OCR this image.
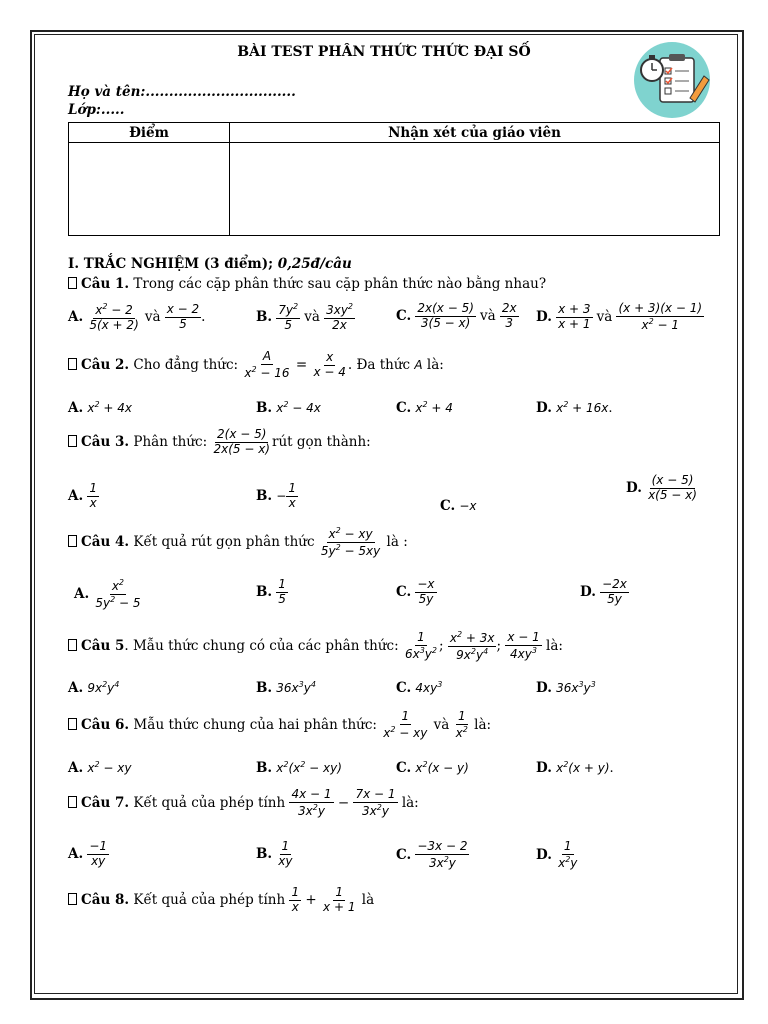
BÀI TEST PHÂN THỨC THỨC ĐẠI SỐ
Họ và tên:................................
Lớp:.....
Điểm	Nhận xét của giáo viên

I. TRẮC NGHIỆM (3 điểm); 0,25đ/câu
Câu 1. Trong các cặp phân thức sau cặp phân thức nào bằng nhau?
A. $\frac{x^2 - 2}{5(x + 2)}$ và $\frac{x - 2}{5}$ .	B. $\frac{7y^2}{5}$ và $\frac{3xy^2}{2x}$	C. $\frac{2x(x - 5)}{3(5 - x)}$ và $\frac{2x}{3} D$. $\frac{x + 3}{x + 1}$ và $\frac{(x + 3)(x - 1)}{x^2 - 1}$
Câu 2. Cho đẳng thức: $\frac{A}{x^2 - 16} = \frac{x}{x - 4}$ . Đa thức A là:
A. $x^2 + 4x$	B. $x^2 - 4x$	C. $x^2 + 4$	D. $x^2 + 16x$.
Câu 3. Phân thức: $\frac{2(x - 5)}{2x(5 - x)}$ rút gọn thành:
A. $\frac{1}{x}$	B. − $\frac{1}{x}$	C. −x
D. $\frac{(x - 5)}{x(5 - x)}$
Câu 4. Kết quả rút gọn phân thức $\frac{x^2 - xy}{5y^2 - 5xy}$ là :
A. $\frac{x^2}{5y^2 - 5}$	B. $\frac{1}{5}$	C. $\frac{-x}{5y}$	D. $\frac{-2x}{5y}$
Câu 5. Mẫu thức chung có của các phân thức: $\frac{1}{6x^3y^2}$ ; $\frac{x^2 + 3x}{9x^2y^4}$ ; $\frac{x - 1}{4xy^3}$ là:
A. $9x^2y^4$	B. $36x^3y^4$	C. $4xy^3$	D. $36x^3y^3$
Câu 6. Mẫu thức chung của hai phân thức: $\frac{1}{x^2 - xy}$ và $\frac{1}{x^2}$ là:
A. $x^2$ − xy	B. $x^2(x^2 - xy)$	C. $x^2(x - y)$	D. $x^2(x + y)$.
Câu 7. Kết quả của phép tính $\frac{4x - 1}{3x^2y} - \frac{7x - 1}{3x^2y}$ là:
A. $\frac{-1}{xy}$	B. $\frac{1}{xy}$	C. $\frac{-3x - 2}{3x^2y}$	D. $\frac{1}{x^2y}$
Câu 8. Kết quả của phép tính $\frac{1}{x} + \frac{1}{x + 1}$ là
